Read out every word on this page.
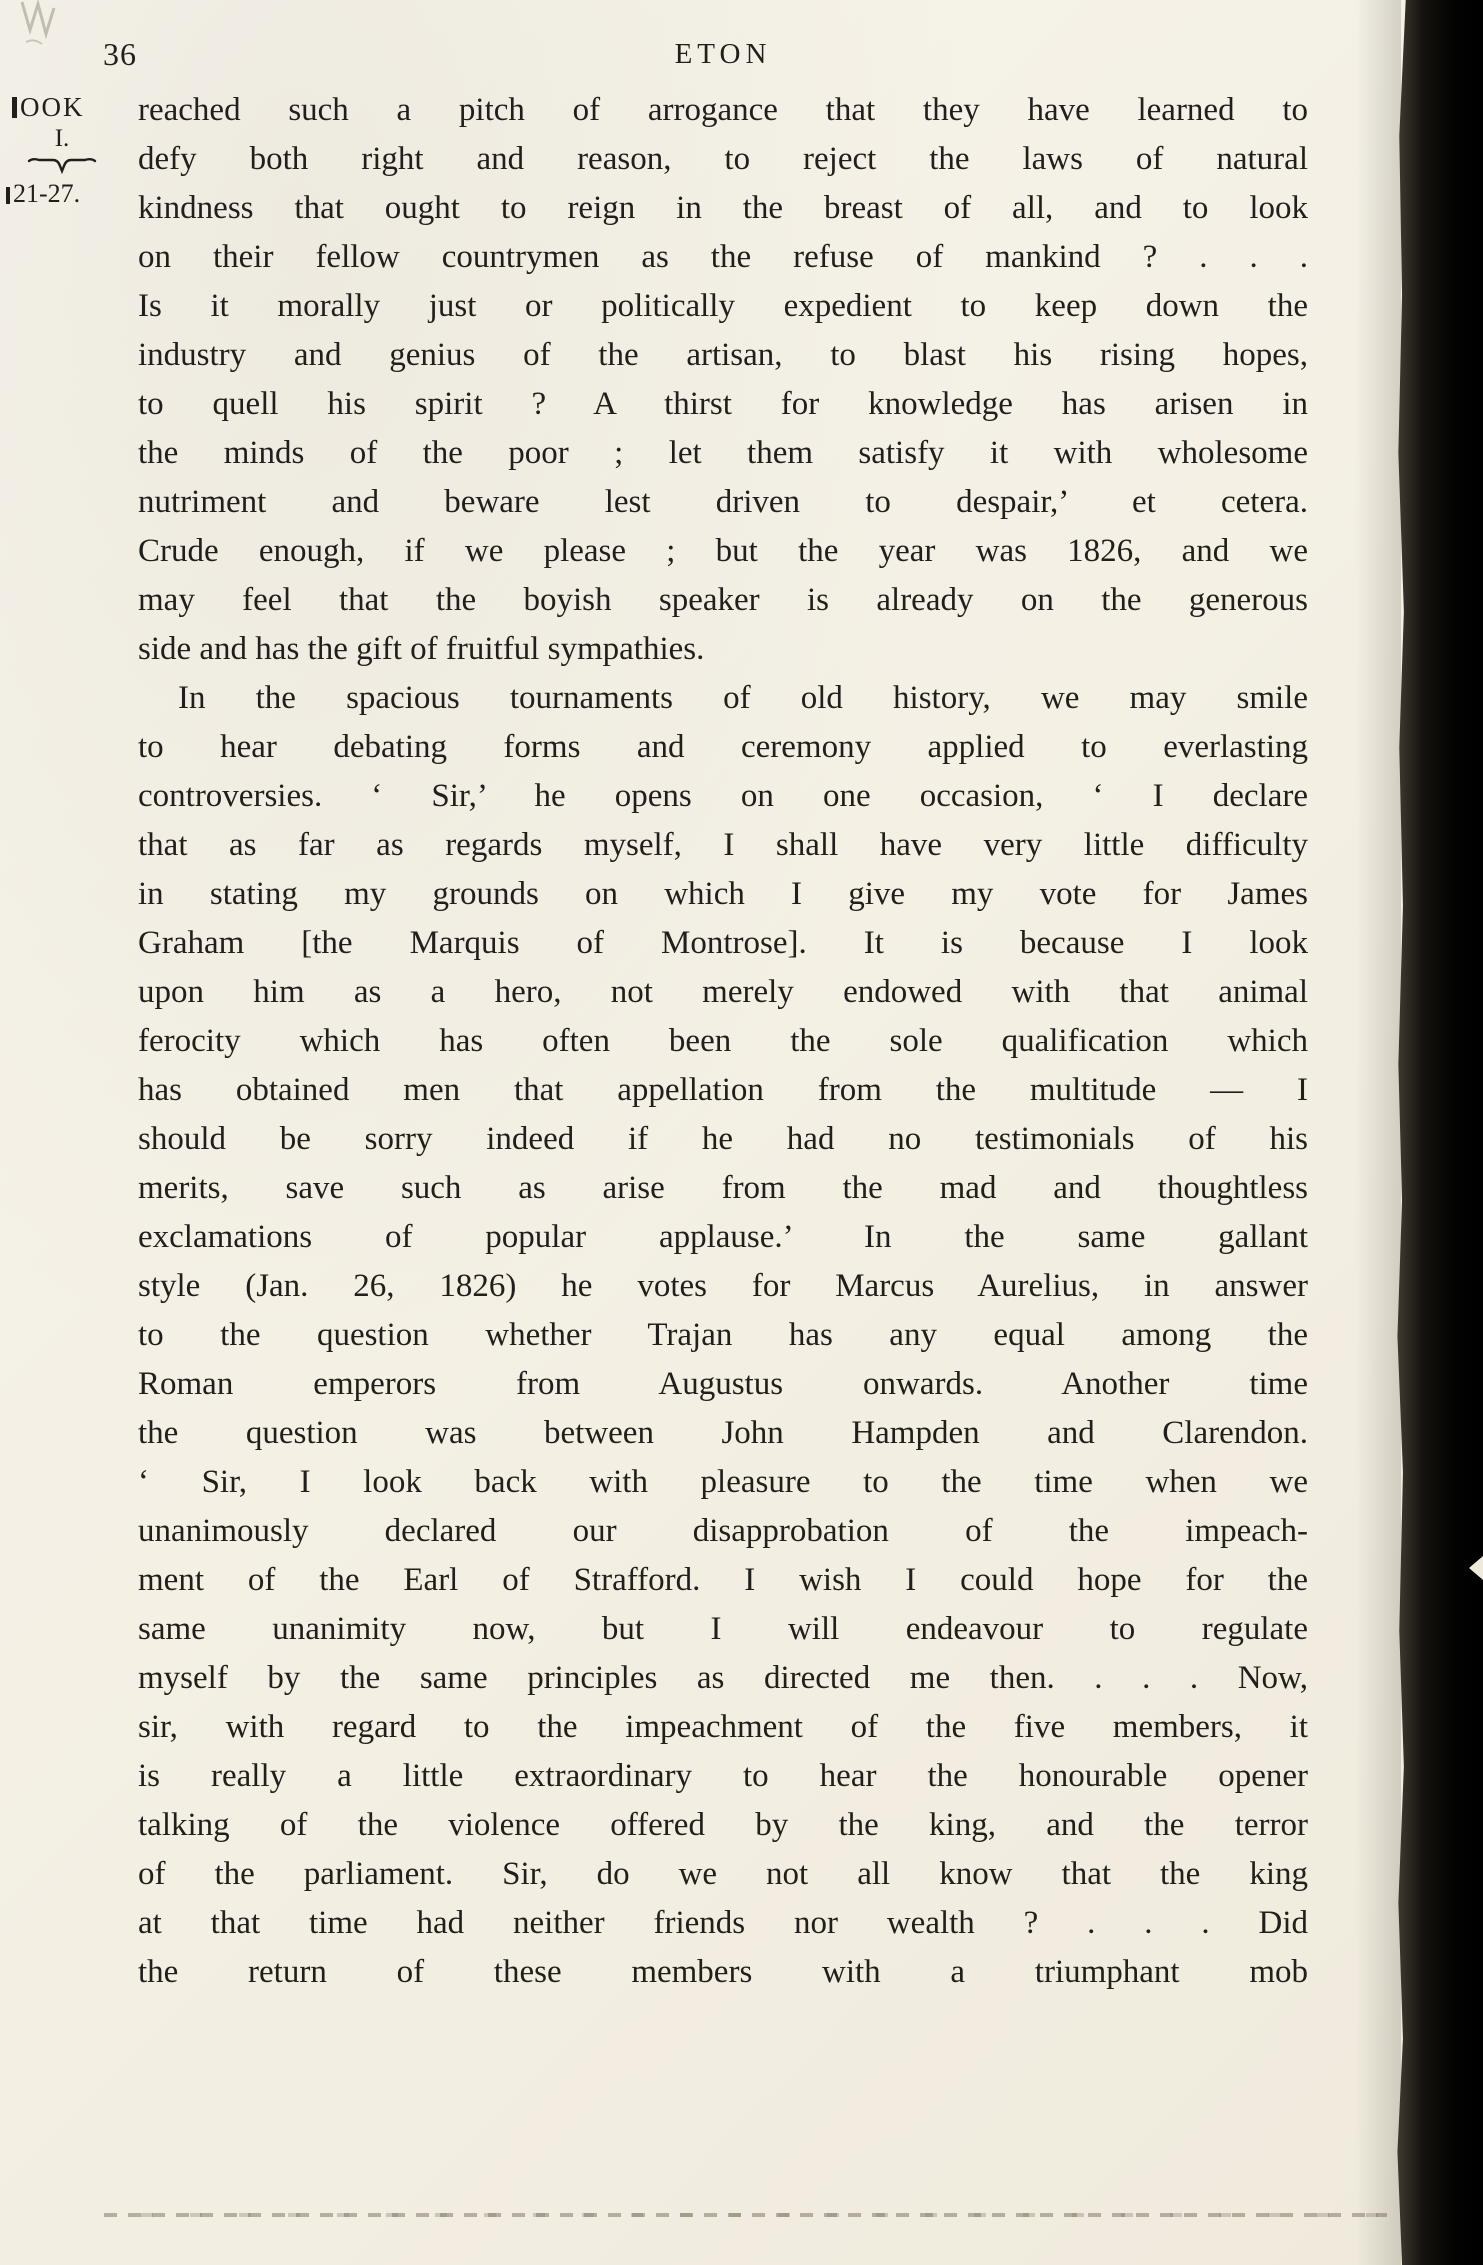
36	ETON
OOK
I.
21-27.
reached such a pitch of arrogance that they have learned to
defy both right and reason, to reject the laws of natural
kindness that ought to reign in the breast of all, and to look
on their fellow countrymen as the refuse of mankind ? . . .
Is it morally just or politically expedient to keep down the
industry and genius of the artisan, to blast his rising hopes,
to quell his spirit ? A thirst for knowledge has arisen in
the minds of the poor ; let them satisfy it with wholesome
nutriment and beware lest driven to despair,’ et cetera.
Crude enough, if we please ; but the year was 1826, and we
may feel that the boyish speaker is already on the generous
side and has the gift of fruitful sympathies.
In the spacious tournaments of old history, we may smile
to hear debating forms and ceremony applied to everlasting
controversies. ‘ Sir,’ he opens on one occasion, ‘ I declare
that as far as regards myself, I shall have very little difficulty
in stating my grounds on which I give my vote for James
Graham [the Marquis of Montrose]. It is because I look
upon him as a hero, not merely endowed with that animal
ferocity which has often been the sole qualification which
has obtained men that appellation from the multitude — I
should be sorry indeed if he had no testimonials of his
merits, save such as arise from the mad and thoughtless
exclamations of popular applause.’ In the same gallant
style (Jan. 26, 1826) he votes for Marcus Aurelius, in answer
to the question whether Trajan has any equal among the
Roman emperors from Augustus onwards. Another time
the question was between John Hampden and Clarendon.
‘ Sir, I look back with pleasure to the time when we
unanimously declared our disapprobation of the impeach-
ment of the Earl of Strafford. I wish I could hope for the
same unanimity now, but I will endeavour to regulate
myself by the same principles as directed me then. . . . Now,
sir, with regard to the impeachment of the five members, it
is really a little extraordinary to hear the honourable opener
talking of the violence offered by the king, and the terror
of the parliament. Sir, do we not all know that the king
at that time had neither friends nor wealth ? . . . Did
the return of these members with a triumphant mob
